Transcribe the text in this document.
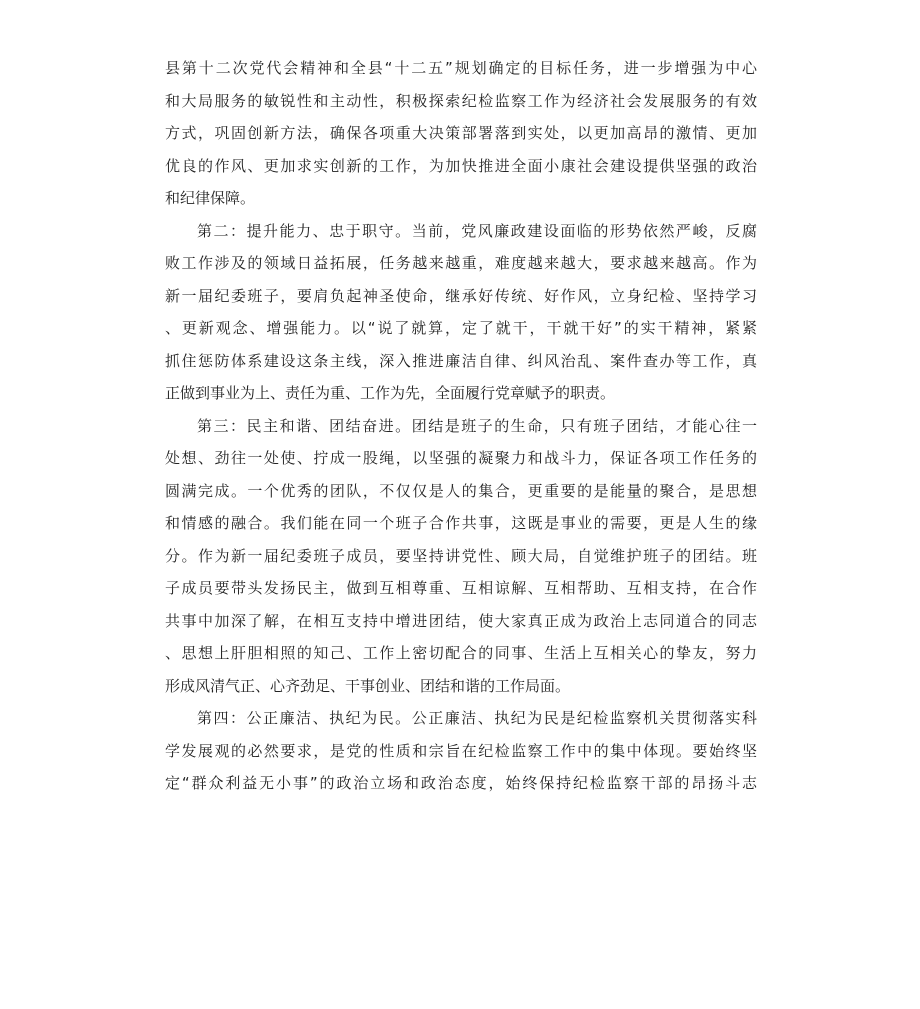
县第十二次党代会精神和全县“十二五”规划确定的目标任务，进一步增强为中心
和大局服务的敏锐性和主动性，积极探索纪检监察工作为经济社会发展服务的有效
方式，巩固创新方法，确保各项重大决策部署落到实处，以更加高昂的激情、更加
优良的作风、更加求实创新的工作，为加快推进全面小康社会建设提供坚强的政治
和纪律保障。
第二：提升能力、忠于职守。当前，党风廉政建设面临的形势依然严峻，反腐
败工作涉及的领域日益拓展，任务越来越重，难度越来越大，要求越来越高。作为
新一届纪委班子，要肩负起神圣使命，继承好传统、好作风，立身纪检、坚持学习
、更新观念、增强能力。以“说了就算，定了就干，干就干好”的实干精神，紧紧
抓住惩防体系建设这条主线，深入推进廉洁自律、纠风治乱、案件查办等工作，真
正做到事业为上、责任为重、工作为先，全面履行党章赋予的职责。
第三：民主和谐、团结奋进。团结是班子的生命，只有班子团结，才能心往一
处想、劲往一处使、拧成一股绳，以坚强的凝聚力和战斗力，保证各项工作任务的
圆满完成。一个优秀的团队，不仅仅是人的集合，更重要的是能量的聚合，是思想
和情感的融合。我们能在同一个班子合作共事，这既是事业的需要，更是人生的缘
分。作为新一届纪委班子成员，要坚持讲党性、顾大局，自觉维护班子的团结。班
子成员要带头发扬民主，做到互相尊重、互相谅解、互相帮助、互相支持，在合作
共事中加深了解，在相互支持中增进团结，使大家真正成为政治上志同道合的同志
、思想上肝胆相照的知己、工作上密切配合的同事、生活上互相关心的挚友，努力
形成风清气正、心齐劲足、干事创业、团结和谐的工作局面。
第四：公正廉洁、执纪为民。公正廉洁、执纪为民是纪检监察机关贯彻落实科
学发展观的必然要求，是党的性质和宗旨在纪检监察工作中的集中体现。要始终坚
定“群众利益无小事”的政治立场和政治态度，始终保持纪检监察干部的昂扬斗志
